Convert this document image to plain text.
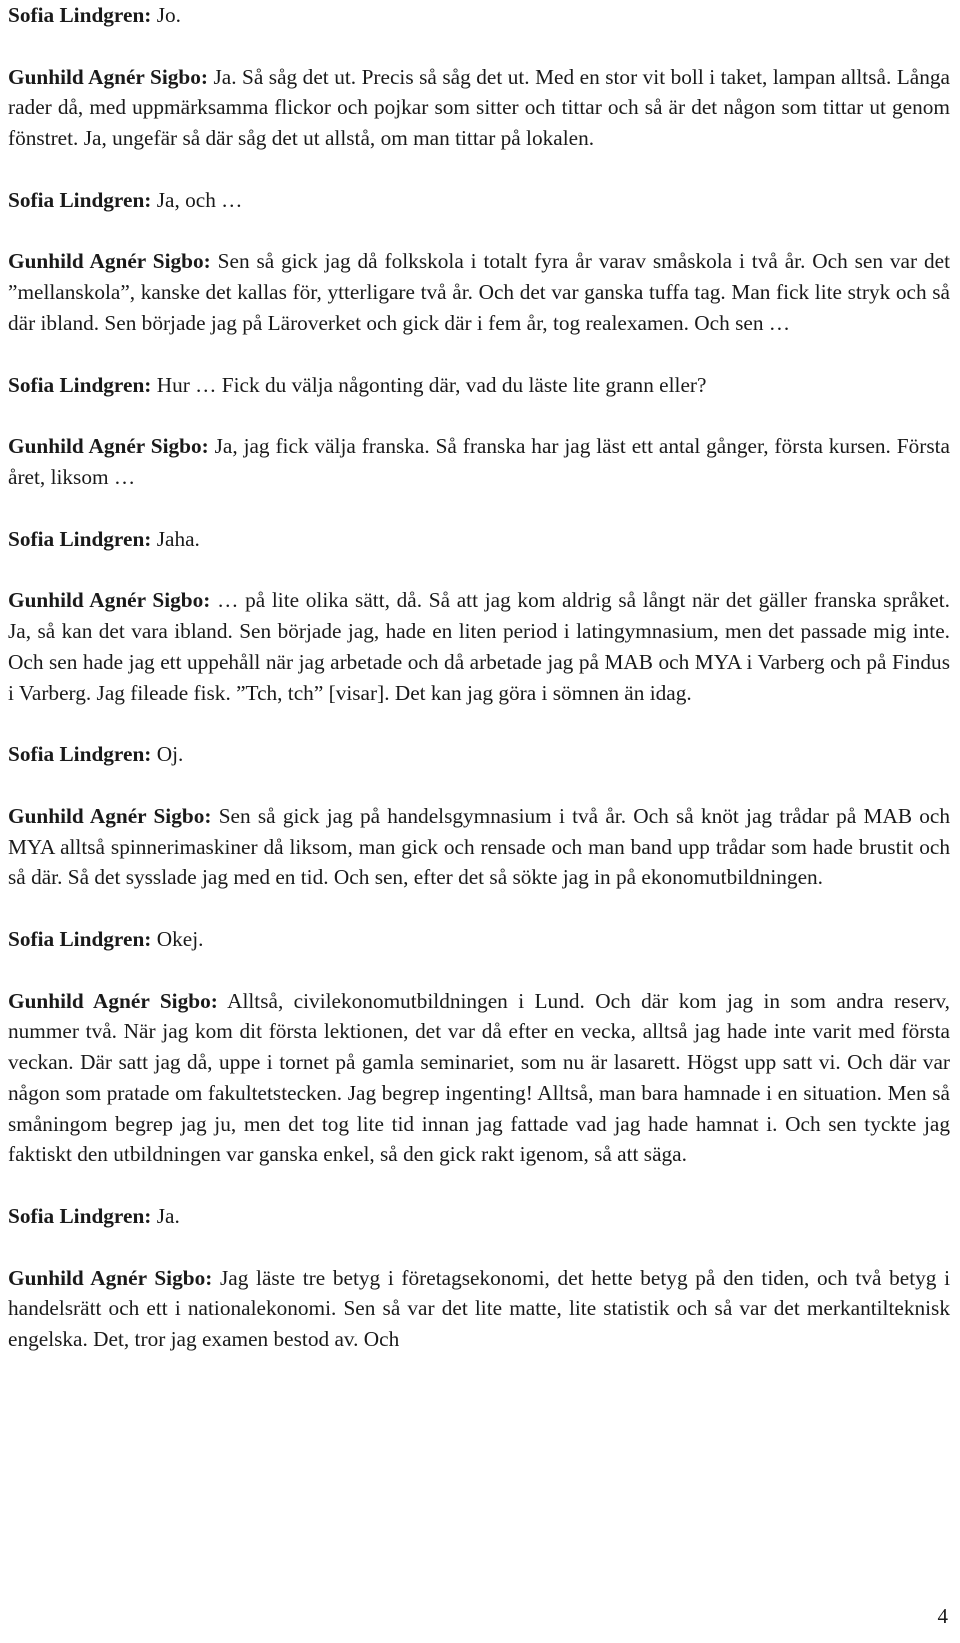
Sofia Lindgren: Jo.

Gunhild Agnér Sigbo: Ja. Så såg det ut. Precis så såg det ut. Med en stor vit boll i taket, lampan alltså. Långa rader då, med uppmärksamma flickor och pojkar som sitter och tittar och så är det någon som tittar ut genom fönstret. Ja, ungefär så där såg det ut allstå, om man tittar på lokalen.

Sofia Lindgren: Ja, och …

Gunhild Agnér Sigbo: Sen så gick jag då folkskola i totalt fyra år varav småskola i två år. Och sen var det ”mellanskola”, kanske det kallas för, ytterligare två år. Och det var ganska tuffa tag. Man fick lite stryk och så där ibland. Sen började jag på Läroverket och gick där i fem år, tog realexamen. Och sen …

Sofia Lindgren: Hur … Fick du välja någonting där, vad du läste lite grann eller?

Gunhild Agnér Sigbo: Ja, jag fick välja franska. Så franska har jag läst ett antal gånger, första kursen. Första året, liksom …

Sofia Lindgren: Jaha.

Gunhild Agnér Sigbo: … på lite olika sätt, då. Så att jag kom aldrig så långt när det gäller franska språket. Ja, så kan det vara ibland. Sen började jag, hade en liten period i latingymnasium, men det passade mig inte. Och sen hade jag ett uppehåll när jag arbetade och då arbetade jag på MAB och MYA i Varberg och på Findus i Varberg. Jag fileade fisk. ”Tch, tch” [visar]. Det kan jag göra i sömnen än idag.

Sofia Lindgren: Oj.

Gunhild Agnér Sigbo: Sen så gick jag på handelsgymnasium i två år. Och så knöt jag trådar på MAB och MYA alltså spinnerimaskiner då liksom, man gick och rensade och man band upp trådar som hade brustit och så där. Så det sysslade jag med en tid. Och sen, efter det så sökte jag in på ekonomutbildningen.

Sofia Lindgren: Okej.

Gunhild Agnér Sigbo: Alltså, civilekonomutbildningen i Lund. Och där kom jag in som andra reserv, nummer två. När jag kom dit första lektionen, det var då efter en vecka, alltså jag hade inte varit med första veckan. Där satt jag då, uppe i tornet på gamla seminariet, som nu är lasarett. Högst upp satt vi. Och där var någon som pratade om fakultetstecken. Jag begrep ingenting! Alltså, man bara hamnade i en situation. Men så småningom begrep jag ju, men det tog lite tid innan jag fattade vad jag hade hamnat i. Och sen tyckte jag faktiskt den utbildningen var ganska enkel, så den gick rakt igenom, så att säga.

Sofia Lindgren: Ja.

Gunhild Agnér Sigbo: Jag läste tre betyg i företagsekonomi, det hette betyg på den tiden, och två betyg i handelsrätt och ett i nationalekonomi. Sen så var det lite matte, lite statistik och så var det merkantilteknisk engelska. Det, tror jag examen bestod av. Och

4
